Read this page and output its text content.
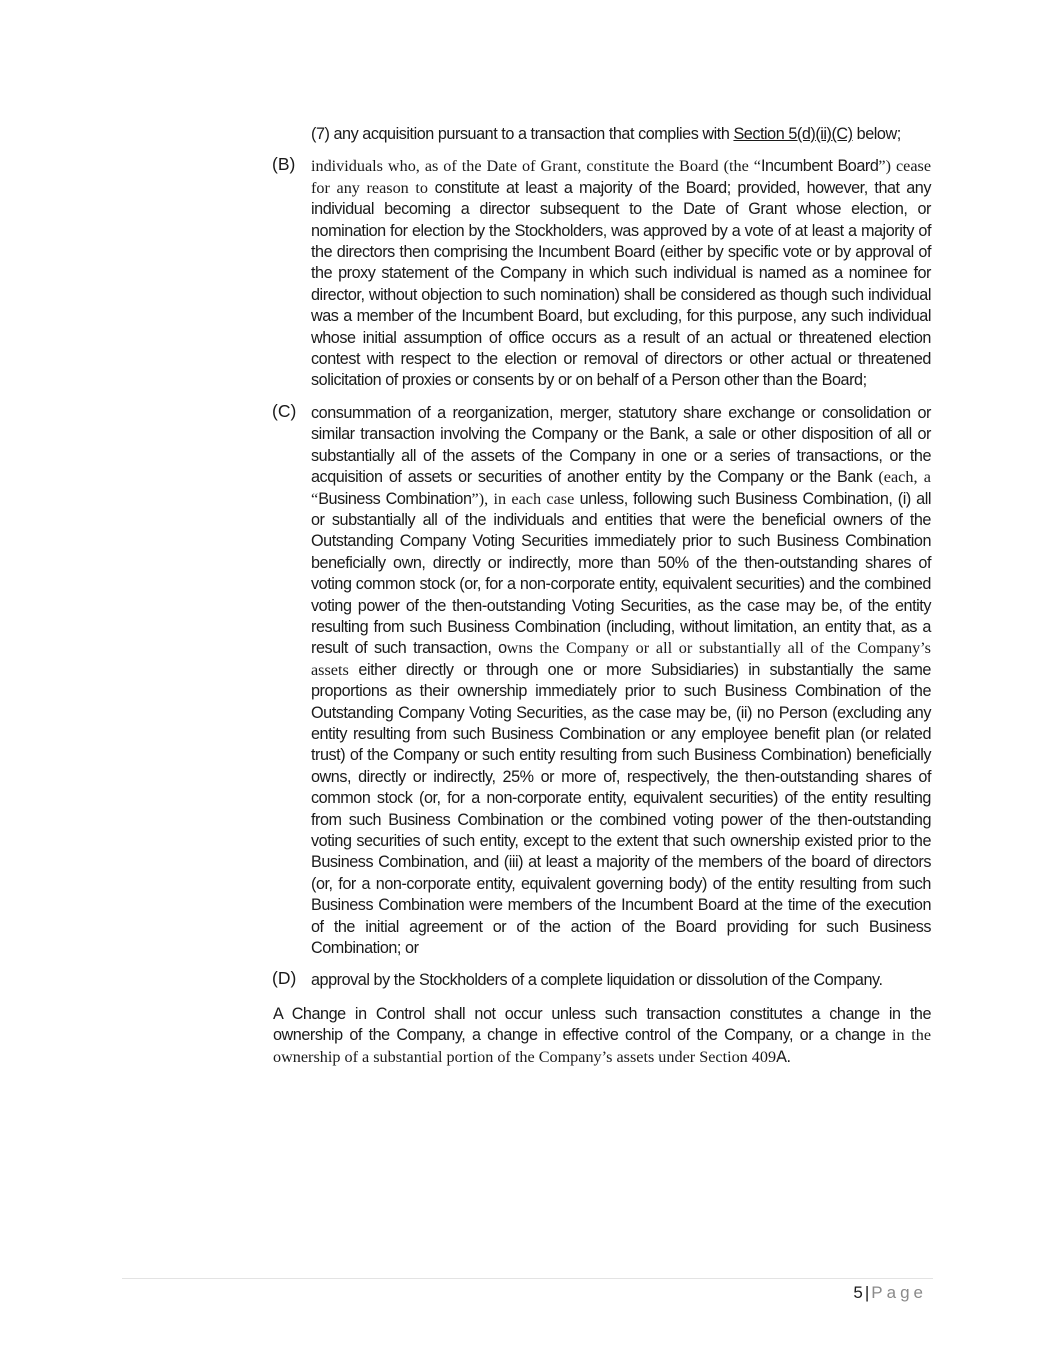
(7) any acquisition pursuant to a transaction that complies with Section 5(d)(ii)(C) below;

(B) individuals who, as of the Date of Grant, constitute the Board (the “Incumbent Board”) cease for any reason to constitute at least a majority of the Board; provided, however, that any individual becoming a director subsequent to the Date of Grant whose election, or nomination for election by the Stockholders, was approved by a vote of at least a majority of the directors then comprising the Incumbent Board (either by specific vote or by approval of the proxy statement of the Company in which such individual is named as a nominee for director, without objection to such nomination) shall be considered as though such individual was a member of the Incumbent Board, but excluding, for this purpose, any such individual whose initial assumption of office occurs as a result of an actual or threatened election contest with respect to the election or removal of directors or other actual or threatened solicitation of proxies or consents by or on behalf of a Person other than the Board;
(C) consummation of a reorganization, merger, statutory share exchange or consolidation or similar transaction involving the Company or the Bank, a sale or other disposition of all or substantially all of the assets of the Company in one or a series of transactions, or the acquisition of assets or securities of another entity by the Company or the Bank (each, a “Business Combination”), in each case unless, following such Business Combination, (i) all or substantially all of the individuals and entities that were the beneficial owners of the Outstanding Company Voting Securities immediately prior to such Business Combination beneficially own, directly or indirectly, more than 50% of the then-outstanding shares of voting common stock (or, for a non-corporate entity, equivalent securities) and the combined voting power of the then-outstanding Voting Securities, as the case may be, of the entity resulting from such Business Combination (including, without limitation, an entity that, as a result of such transaction, owns the Company or all or substantially all of the Company’s assets either directly or through one or more Subsidiaries) in substantially the same proportions as their ownership immediately prior to such Business Combination of the Outstanding Company Voting Securities, as the case may be, (ii) no Person (excluding any entity resulting from such Business Combination or any employee benefit plan (or related trust) of the Company or such entity resulting from such Business Combination) beneficially owns, directly or indirectly, 25% or more of, respectively, the then-outstanding shares of common stock (or, for a non-corporate entity, equivalent securities) of the entity resulting from such Business Combination or the combined voting power of the then-outstanding voting securities of such entity, except to the extent that such ownership existed prior to the Business Combination, and (iii) at least a majority of the members of the board of directors (or, for a non-corporate entity, equivalent governing body) of the entity resulting from such Business Combination were members of the Incumbent Board at the time of the execution of the initial agreement or of the action of the Board providing for such Business Combination; or
(D) approval by the Stockholders of a complete liquidation or dissolution of the Company.

A Change in Control shall not occur unless such transaction constitutes a change in the ownership of the Company, a change in effective control of the Company, or a change in the ownership of a substantial portion of the Company’s assets under Section 409A.

5 | Page
